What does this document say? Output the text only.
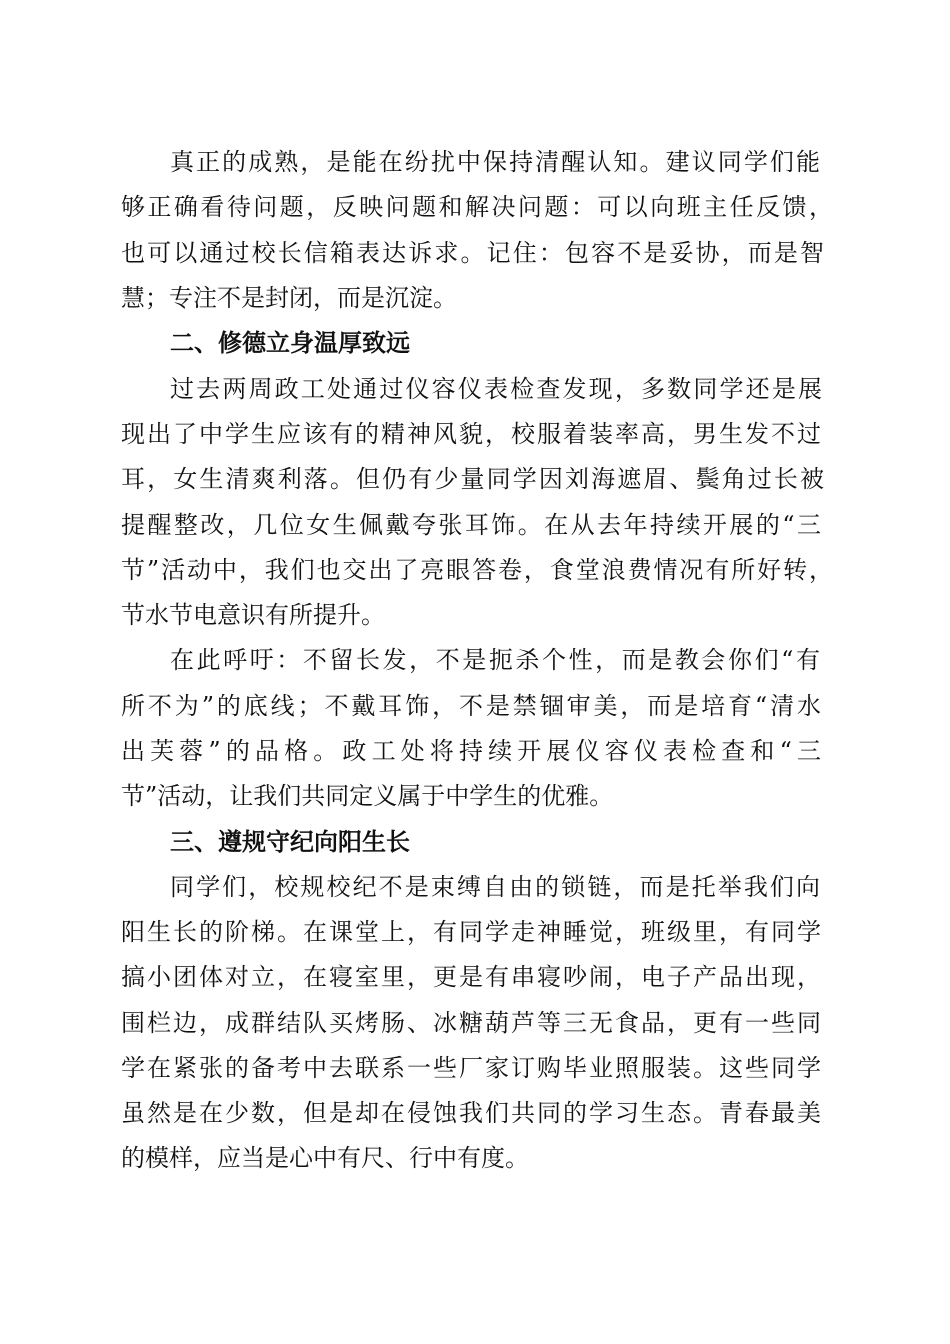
真正的成熟，是能在纷扰中保持清醒认知。建议同学们能

够正确看待问题，反映问题和解决问题：可以向班主任反馈，

也可以通过校长信箱表达诉求。记住：包容不是妥协，而是智

慧；专注不是封闭，而是沉淀。

二、修德立身温厚致远

过去两周政工处通过仪容仪表检查发现，多数同学还是展

现出了中学生应该有的精神风貌，校服着装率高，男生发不过

耳，女生清爽利落。但仍有少量同学因刘海遮眉、鬓角过长被

提醒整改，几位女生佩戴夸张耳饰。在从去年持续开展的“三

节”活动中，我们也交出了亮眼答卷，食堂浪费情况有所好转，

节水节电意识有所提升。

在此呼吁：不留长发，不是扼杀个性，而是教会你们“有

所不为”的底线；不戴耳饰，不是禁锢审美，而是培育“清水

出芙蓉”的品格。政工处将持续开展仪容仪表检查和“三

节”活动，让我们共同定义属于中学生的优雅。

三、遵规守纪向阳生长

同学们，校规校纪不是束缚自由的锁链，而是托举我们向

阳生长的阶梯。在课堂上，有同学走神睡觉，班级里，有同学

搞小团体对立，在寝室里，更是有串寝吵闹，电子产品出现，

围栏边，成群结队买烤肠、冰糖葫芦等三无食品，更有一些同

学在紧张的备考中去联系一些厂家订购毕业照服装。这些同学

虽然是在少数，但是却在侵蚀我们共同的学习生态。青春最美

的模样，应当是心中有尺、行中有度。
